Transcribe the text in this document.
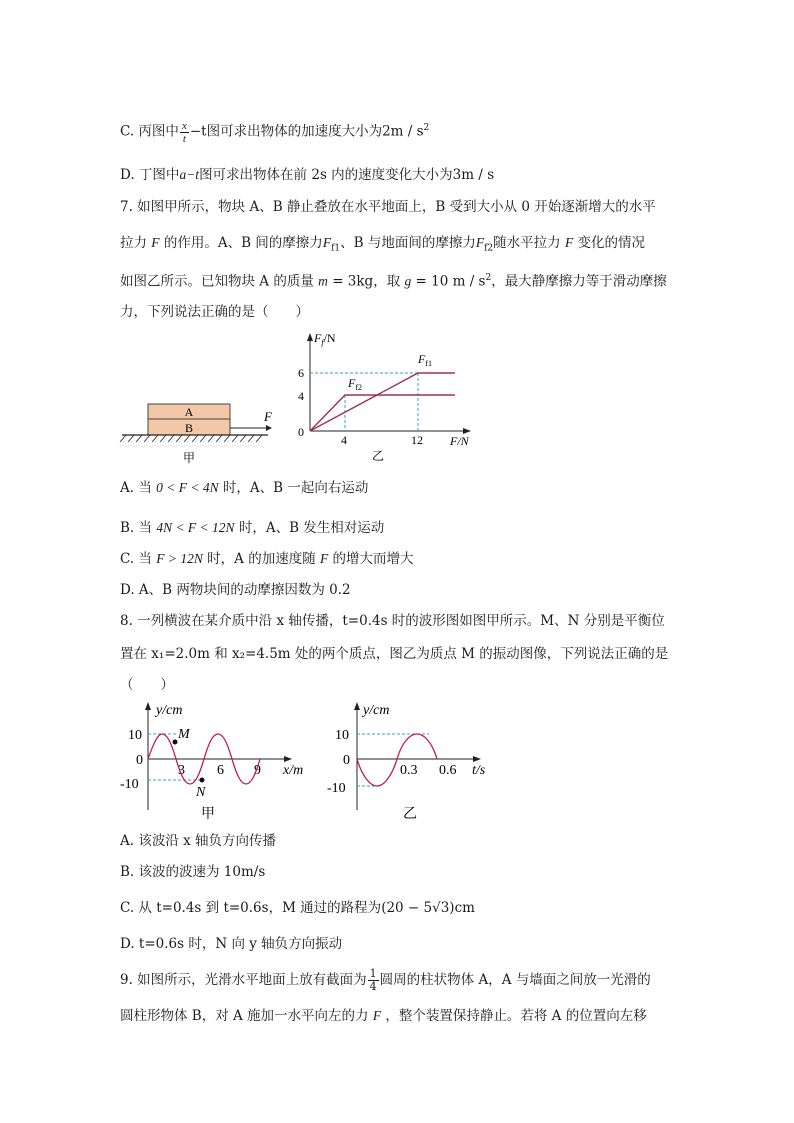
C. 丙图中 $\frac{x}{t} -t$图可求出物体的加速度大小为$2m / s^2$
D. 丁图中a−t图可求出物体在前 2s 内的速度变化大小为3m / s
7. 如图甲所示，物块 A、B 静止叠放在水平地面上，B 受到大小从 0 开始逐渐增大的水平
拉力 F 的作用。A、B 间的摩擦力$F_{f1}$、B 与地面间的摩擦力$F_{f2}$随水平拉力 F 变化的情况
如图乙所示。已知物块 A 的质量 m = 3kg，取 g = 10 m / $s^2$，最大静摩擦力等于滑动摩擦
力，下列说法正确的是（　　）
A
B
F
甲
$F_f/N$
F/N
0
6
4
4	12
$F_{f1}$
$F_{f2}$
乙
A. 当 0 < F < 4N 时，A、B 一起向右运动
B. 当 4N < F < 12N 时，A、B 发生相对运动
C. 当 F > 12N 时，A 的加速度随 F 的增大而增大
D. A、B 两物块间的动摩擦因数为 0.2
8. 一列横波在某介质中沿 x 轴传播，t=0.4s 时的波形图如图甲所示。M、N 分别是平衡位
置在 x₁=2.0m 和 x₂=4.5m 处的两个质点，图乙为质点 M 的振动图像，下列说法正确的是
（　　）
y/cm
x/m
10
0
-10
3 6 9
M
N
甲
y/cm
t/s
10
0
-10
0.3 0.6
乙
A. 该波沿 x 轴负方向传播
B. 该波的波速为 10m/s
C. 从 t=0.4s 到 t=0.6s，M 通过的路程为(20 − 5√3)cm
D. t=0.6s 时，N 向 y 轴负方向振动
9. 如图所示，光滑水平地面上放有截面为 $\frac{1}{4}$ 圆周的柱状物体 A，A 与墙面之间放一光滑的
圆柱形物体 B，对 A 施加一水平向左的力 F ，整个装置保持静止。若将 A 的位置向左移
